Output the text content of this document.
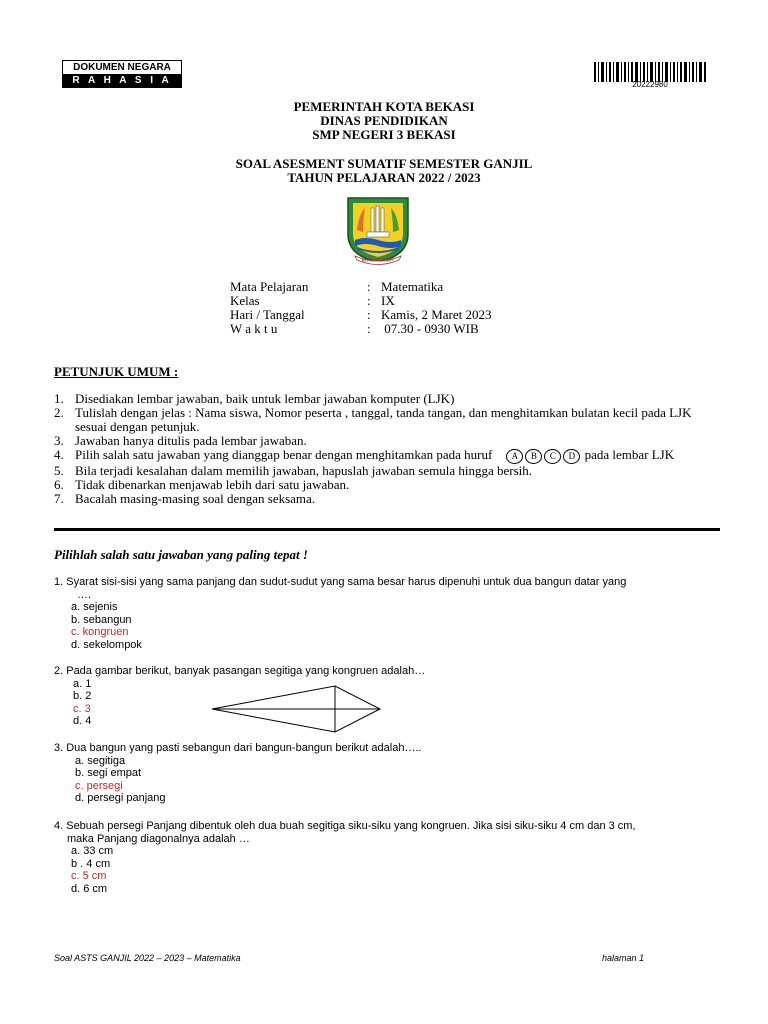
DOKUMEN NEGARA
R A H A S I A	20222980
PEMERINTAH KOTA BEKASI
DINAS PENDIDIKAN
SMP NEGERI 3 BEKASI
SOAL ASESMENT SUMATIF SEMESTER GANJIL
TAHUN PELAJARAN 2022 / 2023
KOTA PATRIOT
Mata Pelajaran	: Matematika
Kelas	: IX
Hari / Tanggal	: Kamis, 2 Maret 2023
W a k t u	: 07.30 - 0930 WIB
PETUNJUK UMUM :
1. Disediakan lembar jawaban, baik untuk lembar jawaban komputer (LJK)
2. Tulislah dengan jelas : Nama siswa, Nomor peserta , tanggal, tanda tangan, dan menghitamkan bulatan kecil pada LJK sesuai dengan petunjuk.
3. Jawaban hanya ditulis pada lembar jawaban.
4. Pilih salah satu jawaban yang dianggap benar dengan menghitamkan pada huruf A B C D pada lembar LJK
5. Bila terjadi kesalahan dalam memilih jawaban, hapuslah jawaban semula hingga bersih.
6. Tidak dibenarkan menjawab lebih dari satu jawaban.
7. Bacalah masing-masing soal dengan seksama.
Pilihlah salah satu jawaban yang paling tepat !
1. Syarat sisi-sisi yang sama panjang dan sudut-sudut yang sama besar harus dipenuhi untuk dua bangun datar yang
….
a. sejenis
b. sebangun
c. kongruen
d. sekelompok
2. Pada gambar berikut, banyak pasangan segitiga yang kongruen adalah…
a. 1
b. 2
c. 3
d. 4
3. Dua bangun yang pasti sebangun dari bangun-bangun berikut adalah…..
a. segitiga
b. segi empat
c. persegi
d. persegi panjang
4. Sebuah persegi Panjang dibentuk oleh dua buah segitiga siku-siku yang kongruen. Jika sisi siku-siku 4 cm dan 3 cm,
maka Panjang diagonalnya adalah …
a. 33 cm
b . 4 cm
c. 5 cm
d. 6 cm
Soal ASTS GANJIL 2022 – 2023 – Matematika	halaman 1
